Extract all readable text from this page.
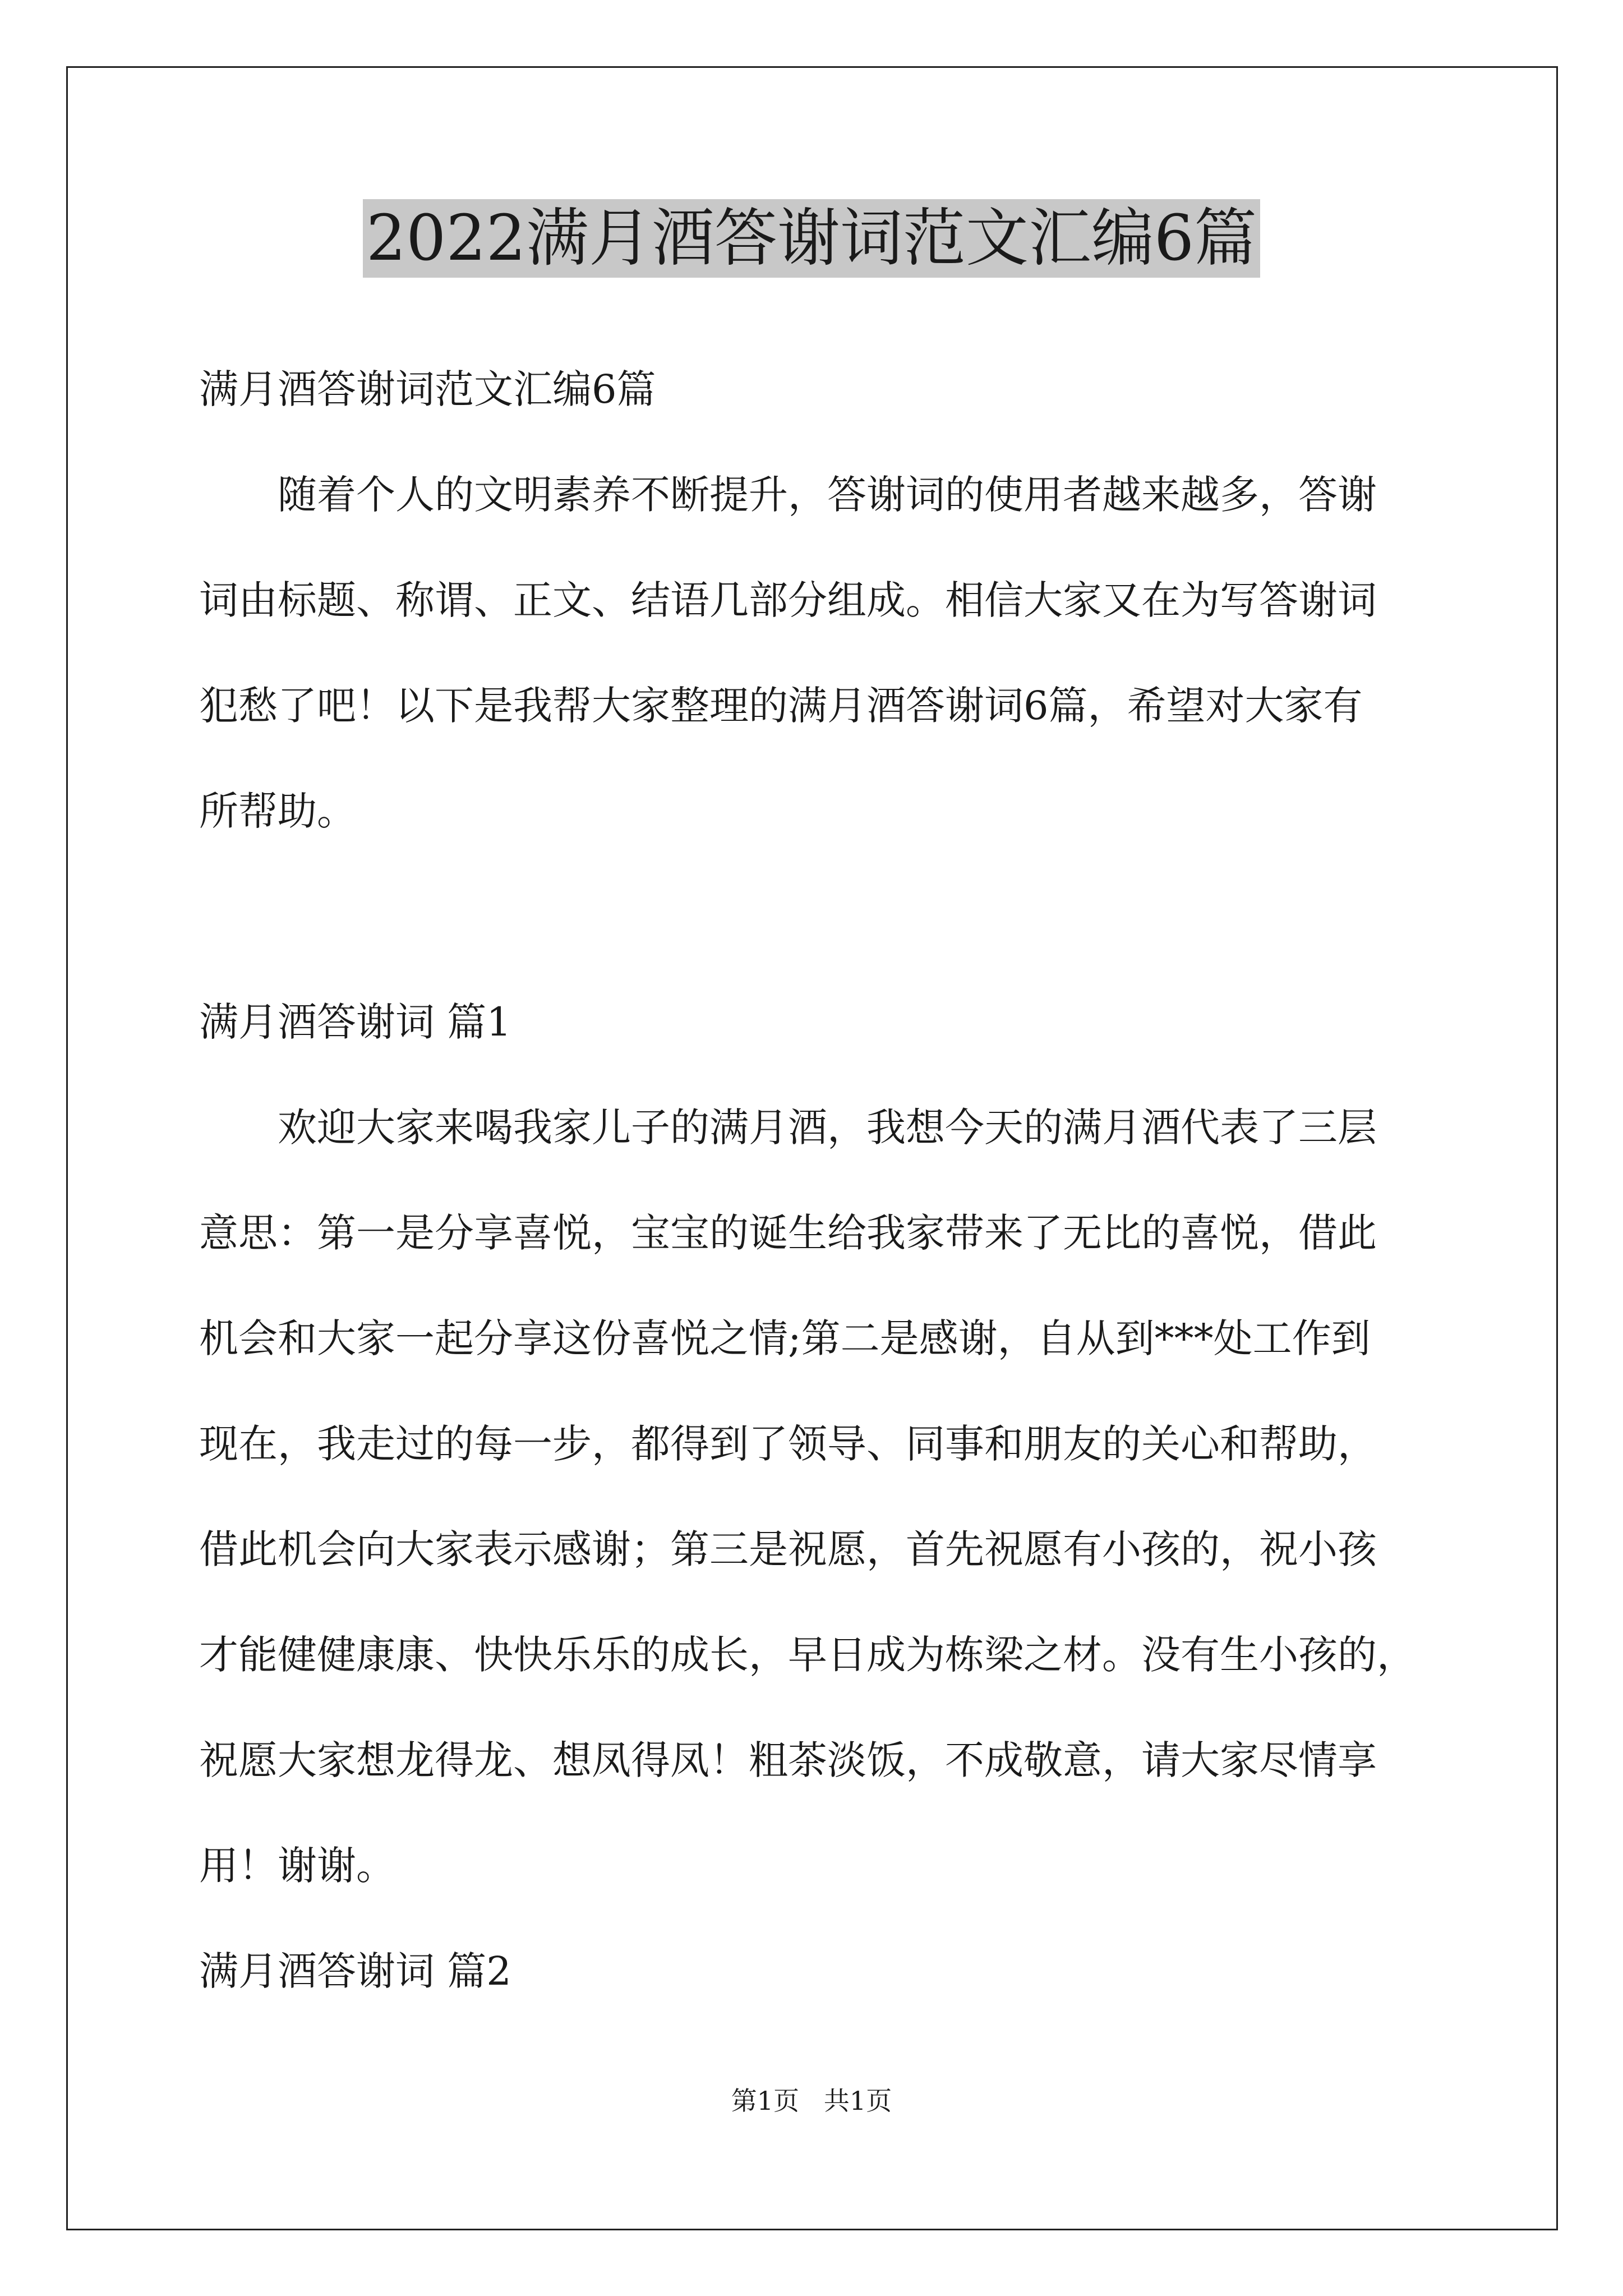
2022满月酒答谢词范文汇编6篇
满月酒答谢词范文汇编6篇
随着个人的文明素养不断提升，答谢词的使用者越来越多，答谢
词由标题、称谓、正文、结语几部分组成。相信大家又在为写答谢词
犯愁了吧！以下是我帮大家整理的满月酒答谢词6篇，希望对大家有
所帮助。
满月酒答谢词 篇1
欢迎大家来喝我家儿子的满月酒，我想今天的满月酒代表了三层
意思：第一是分享喜悦，宝宝的诞生给我家带来了无比的喜悦，借此
机会和大家一起分享这份喜悦之情;第二是感谢，自从到***处工作到
现在，我走过的每一步，都得到了领导、同事和朋友的关心和帮助，
借此机会向大家表示感谢；第三是祝愿，首先祝愿有小孩的，祝小孩
才能健健康康、快快乐乐的成长，早日成为栋梁之材。没有生小孩的，
祝愿大家想龙得龙、想凤得凤！粗茶淡饭，不成敬意，请大家尽情享
用！谢谢。
满月酒答谢词 篇2
第1页   共1页
